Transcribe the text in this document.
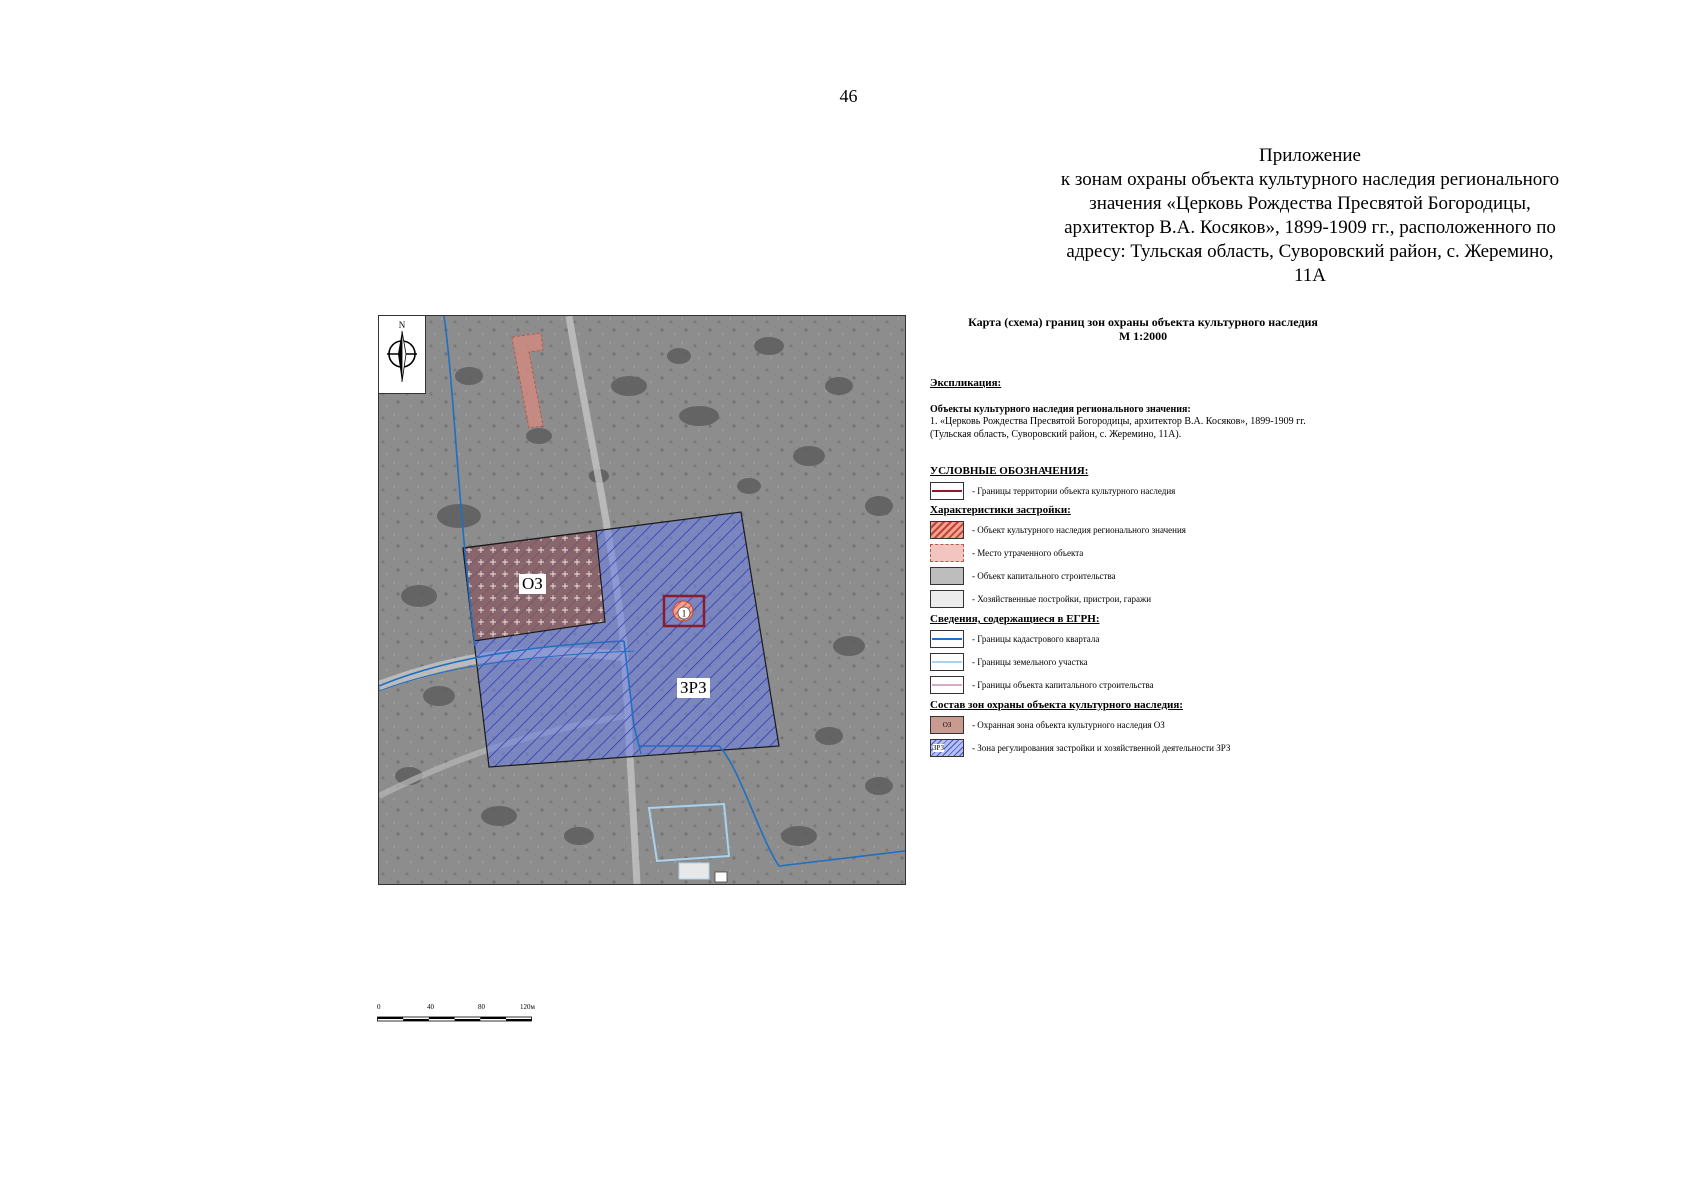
46
Приложение
к зонам охраны объекта культурного наследия регионального
значения «Церковь Рождества Пресвятой Богородицы,
архитектор В.А. Косяков», 1899-1909 гг., расположенного по
адресу: Тульская область, Суворовский район, с. Жеремино,
11А
1
ОЗ
ЗРЗ
N	Карта (схема) границ зон охраны объекта культурного наследия
М 1:2000
Экспликация:
Объекты культурного наследия регионального значения:
1. «Церковь Рождества Пресвятой Богородицы, архитектор В.А. Косяков», 1899-1909 гг.
(Тульская область, Суворовский район, с. Жеремино, 11А).
УСЛОВНЫЕ ОБОЗНАЧЕНИЯ:
- Границы территории объекта культурного наследия
Характеристики застройки:
- Объект культурного наследия регионального значения
- Место утраченного объекта
- Объект капитального строительства
- Хозяйственные постройки, пристрои, гаражи
Сведения, содержащиеся в ЕГРН:
- Границы кадастрового квартала
- Границы земельного участка
- Границы объекта капитального строительства
Состав зон охраны объекта культурного наследия:
ОЗ	- Охранная зона объекта культурного наследия ОЗ
ЗРЗ	- Зона регулирования застройки и хозяйственной деятельности ЗРЗ
0	40	80	120м
